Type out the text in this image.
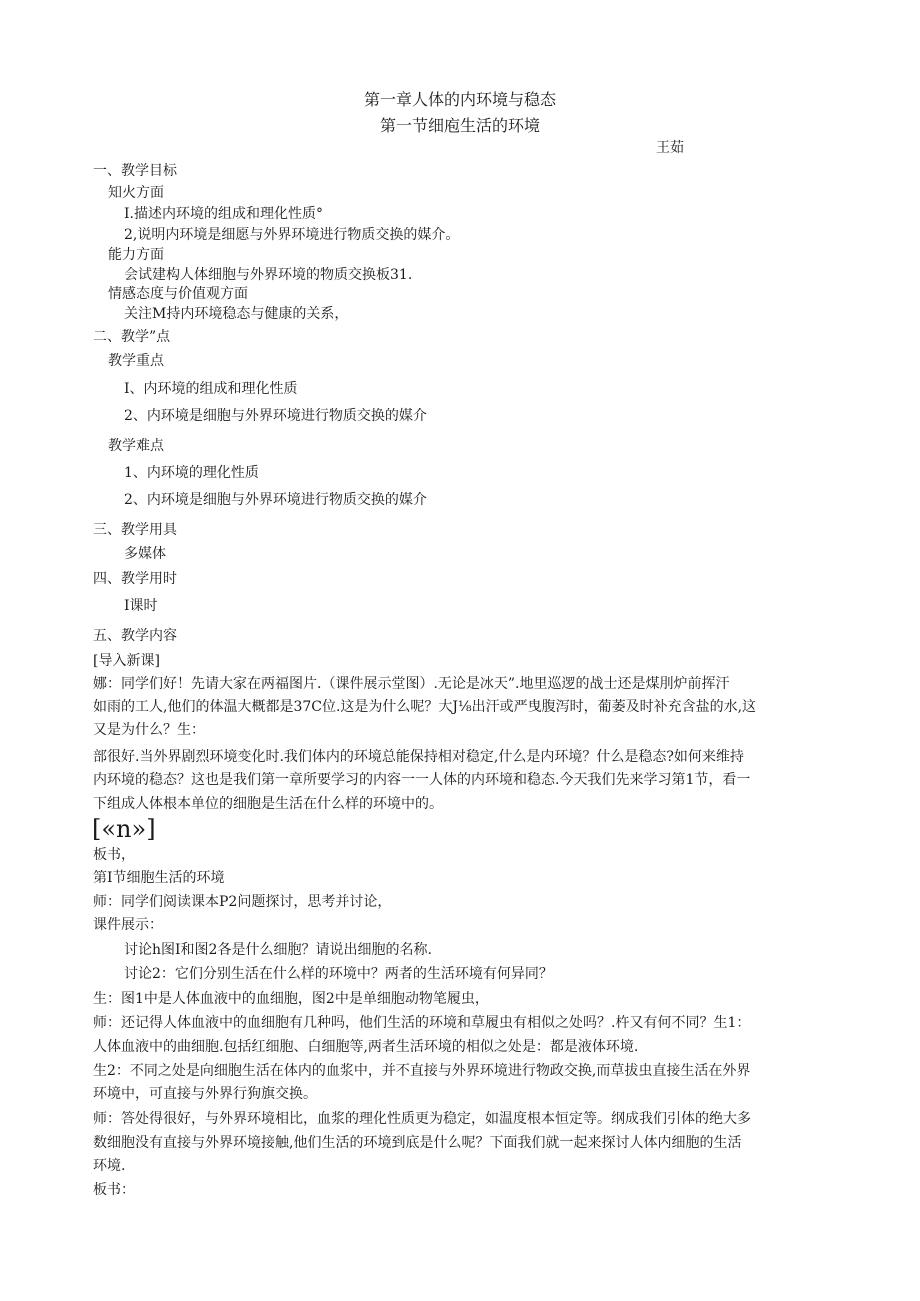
第一章人体的内环境与稳态
第一节细庖生活的环境
王茹
一、教学目标
知火方面
I.描述内环境的组成和理化性质°
2,说明内环境是细愿与外界环境进行物质交换的媒介。
能力方面
会试建构人体细胞与外界环境的物质交换板31.
情感态度与价值观方面
关注M持内环境稳态与健康的关系，
二、教学”点
教学重点
I、内环境的组成和理化性质
2、内环境是细胞与外界环境进行物质交换的媒介
教学难点
1、内环境的理化性质
2、内环境是细胞与外界环境进行物质交换的媒介
三、教学用具
多媒体
四、教学用时
I课时
五、教学内容
[导入新课]
娜：同学们好！先请大家在两福图片.（课件展示堂图）.无论是冰天”.地里巡逻的战士还是煤刖炉前挥汗
如雨的工人,他们的体温大概都是37C位.这是为什么呢？大J⅛出汗或严曳腹泻时，葡萎及时补充含盐的水,这
又是为什么？生：
部很好.当外界剧烈环境变化时.我们体内的环境总能保持相对稳定,什么是内环境？什么是稳态?如何来维持
内环境的稳态？这也是我们第一章所要学习的内容一一人体的内环境和稳态.今天我们先来学习第1节，看一
下组成人体根本单位的细胞是生活在什么样的环境中的。
[«n»]
板书，
第I节细胞生活的环境
师：同学们阅读课本P2问题探讨，思考并讨论，
课件展示：
讨论h图I和图2各是什么细胞？请说出细胞的名称.
讨论2：它们分别生活在什么样的环境中？两者的生活环境有何异同？
生：图1中是人体血液中的血细胞，图2中是单细胞动物笔履虫，
师：还记得人体血液中的血细胞有几种吗，他们生活的环境和草履虫有相似之处吗？.杵又有何不同？生1：
人体血液中的曲细胞.包括红细胞、白细胞等,两者生活环境的相似之处是：都是液体环境.
生2：不同之处是向细胞生活在体内的血浆中，并不直接与外界环境进行物政交换,而草拔虫直接生活在外界
环境中，可直接与外界行狗旗交换。
师：答处得很好，与外界环境相比，血浆的理化性质更为稳定，如温度根本恒定等。纲成我们引体的绝大多
数细胞没有直接与外界环境接触,他们生活的环境到底是什么呢？下面我们就一起来探讨人体内细胞的生活
环境.
板书：
